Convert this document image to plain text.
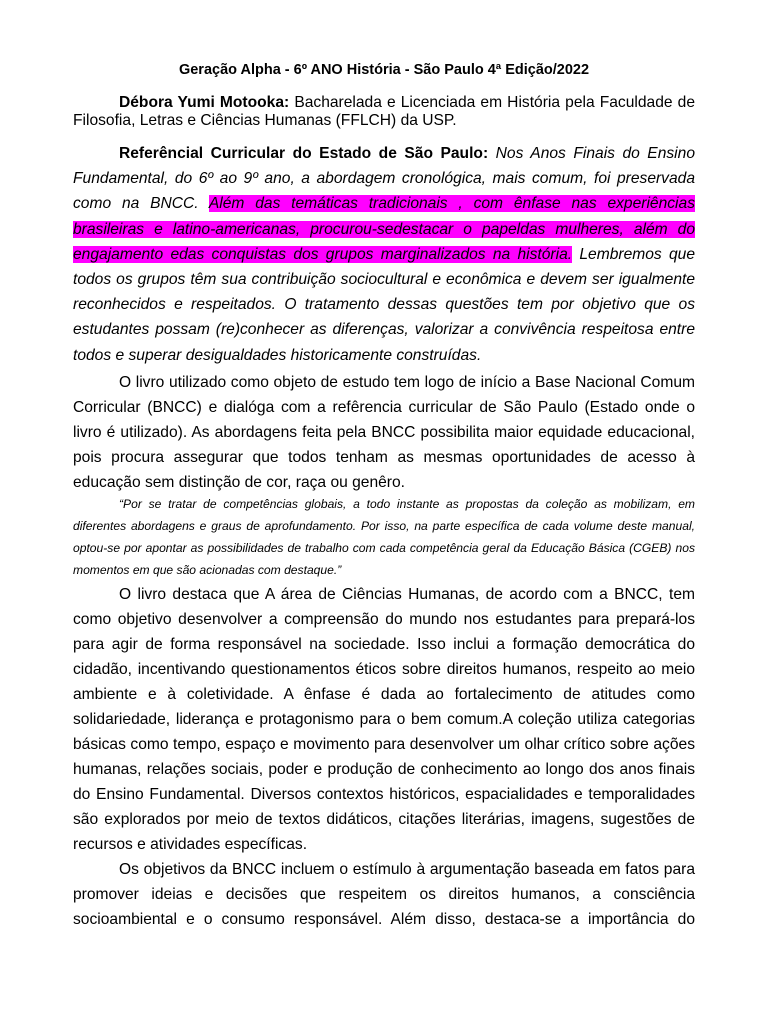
Geração Alpha - 6º ANO História - São Paulo 4ª Edição/2022

Débora Yumi Motooka: Bacharelada e Licenciada em História pela Faculdade de Filosofia, Letras e Ciências Humanas (FFLCH) da USP.

Referêncial Curricular do Estado de São Paulo: Nos Anos Finais do Ensino Fundamental, do 6º ao 9º ano, a abordagem cronológica, mais comum, foi preservada como na BNCC. Além das temáticas tradicionais , com ênfase nas experiências brasileiras e latino-americanas, procurou-sedestacar o papeldas mulheres, além do engajamento edas conquistas dos grupos marginalizados na história. Lembremos que todos os grupos têm sua contribuição sociocultural e econômica e devem ser igualmente reconhecidos e respeitados. O tratamento dessas questões tem por objetivo que os estudantes possam (re)conhecer as diferenças, valorizar a convivência respeitosa entre todos e superar desigualdades historicamente construídas.

O livro utilizado como objeto de estudo tem logo de início a Base Nacional Comum Corricular (BNCC) e dialóga com a refêrencia curricular de São Paulo (Estado onde o livro é utilizado). As abordagens feita pela BNCC possibilita maior equidade educacional, pois procura assegurar que todos tenham as mesmas oportunidades de acesso à educação sem distinção de cor, raça ou genêro.

“Por se tratar de competências globais, a todo instante as propostas da coleção as mobilizam, em diferentes abordagens e graus de aprofundamento. Por isso, na parte específica de cada volume deste manual, optou-se por apontar as possibilidades de trabalho com cada competência geral da Educação Básica (CGEB) nos momentos em que são acionadas com destaque.”

O livro destaca que A área de Ciências Humanas, de acordo com a BNCC, tem como objetivo desenvolver a compreensão do mundo nos estudantes para prepará-los para agir de forma responsável na sociedade. Isso inclui a formação democrática do cidadão, incentivando questionamentos éticos sobre direitos humanos, respeito ao meio ambiente e à coletividade. A ênfase é dada ao fortalecimento de atitudes como solidariedade, liderança e protagonismo para o bem comum.A coleção utiliza categorias básicas como tempo, espaço e movimento para desenvolver um olhar crítico sobre ações humanas, relações sociais, poder e produção de conhecimento ao longo dos anos finais do Ensino Fundamental. Diversos contextos históricos, espacialidades e temporalidades são explorados por meio de textos didáticos, citações literárias, imagens, sugestões de recursos e atividades específicas.

Os objetivos da BNCC incluem o estímulo à argumentação baseada em fatos para promover ideias e decisões que respeitem os direitos humanos, a consciência socioambiental e o consumo responsável. Além disso, destaca-se a importância do
